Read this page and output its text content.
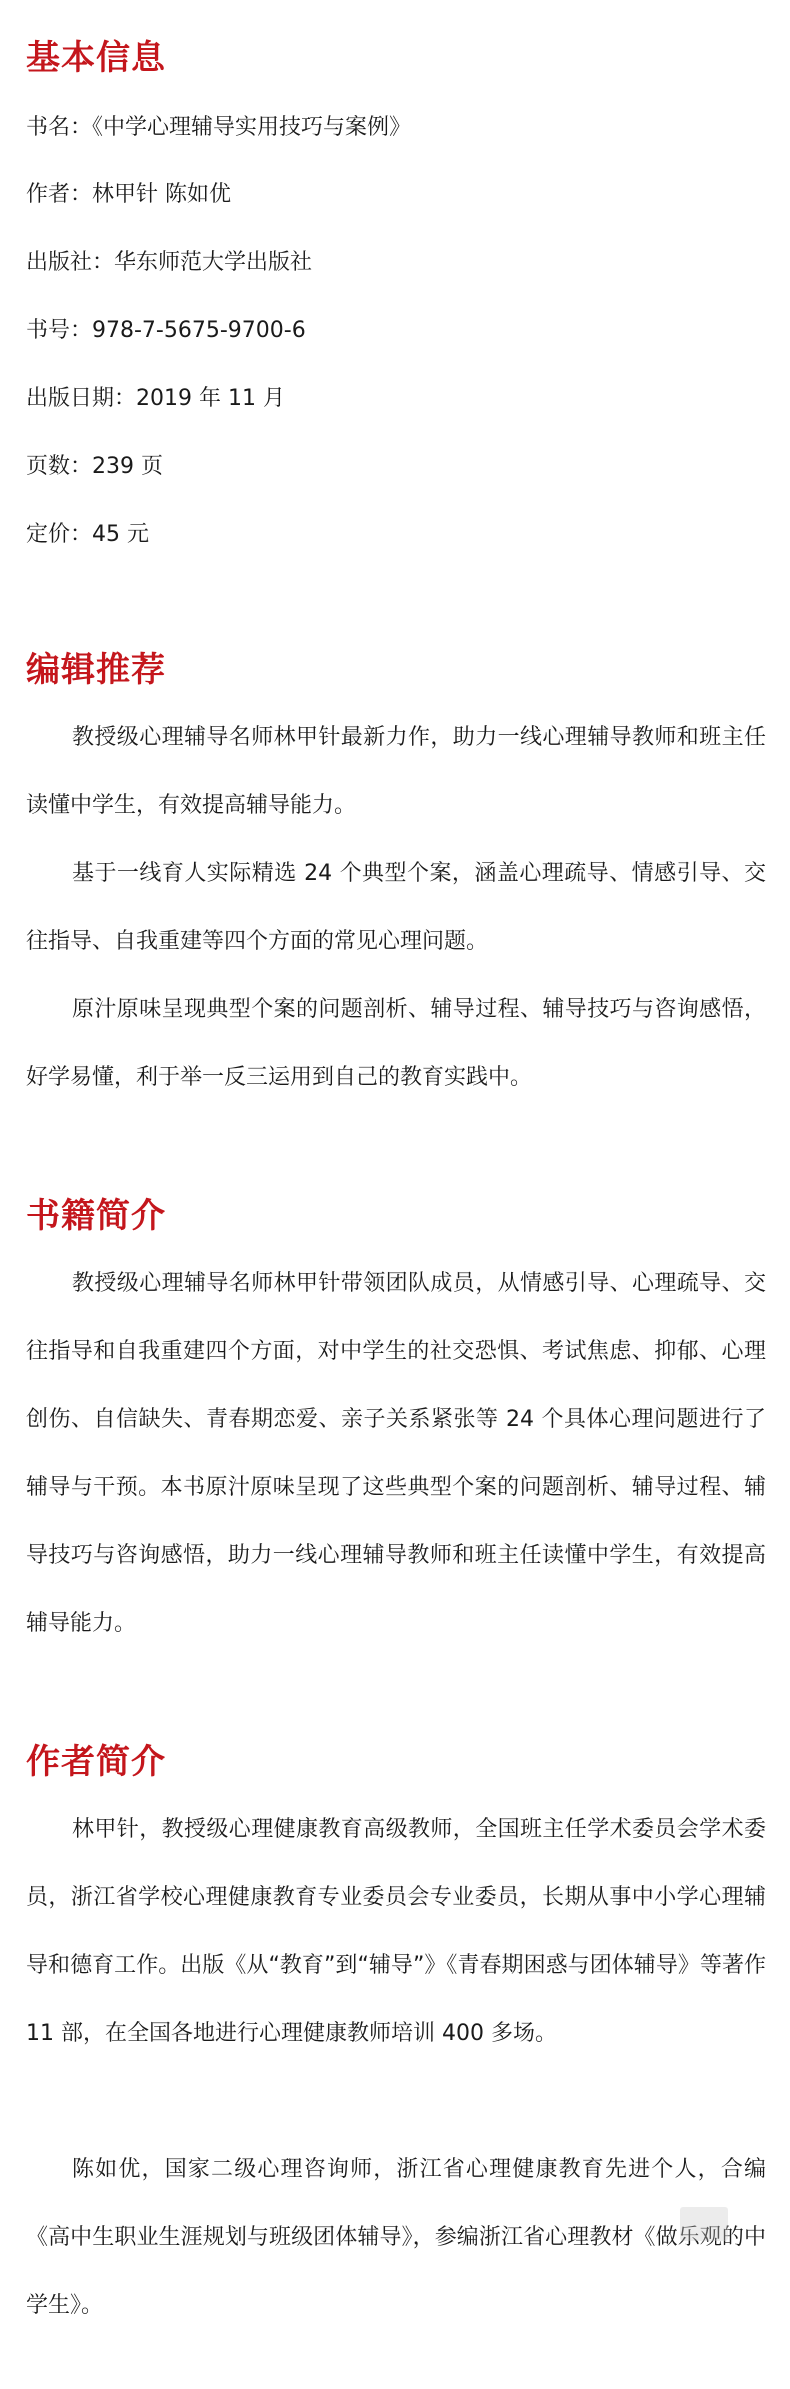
基本信息

书名：《中学心理辅导实用技巧与案例》

作者：林甲针 陈如优

出版社：华东师范大学出版社

书号：978-7-5675-9700-6

出版日期：2019 年 11 月

页数：239 页

定价：45 元

编辑推荐

教授级心理辅导名师林甲针最新力作，助力一线心理辅导教师和班主任读懂中学生，有效提高辅导能力。

基于一线育人实际精选 24 个典型个案，涵盖心理疏导、情感引导、交往指导、自我重建等四个方面的常见心理问题。

原汁原味呈现典型个案的问题剖析、辅导过程、辅导技巧与咨询感悟，好学易懂，利于举一反三运用到自己的教育实践中。

书籍简介

教授级心理辅导名师林甲针带领团队成员，从情感引导、心理疏导、交往指导和自我重建四个方面，对中学生的社交恐惧、考试焦虑、抑郁、心理创伤、自信缺失、青春期恋爱、亲子关系紧张等 24 个具体心理问题进行了辅导与干预。本书原汁原味呈现了这些典型个案的问题剖析、辅导过程、辅导技巧与咨询感悟，助力一线心理辅导教师和班主任读懂中学生，有效提高辅导能力。

作者简介

林甲针，教授级心理健康教育高级教师，全国班主任学术委员会学术委员，浙江省学校心理健康教育专业委员会专业委员，长期从事中小学心理辅导和德育工作。出版《从“教育”到“辅导”》《青春期困惑与团体辅导》等著作 11 部，在全国各地进行心理健康教师培训 400 多场。

陈如优，国家二级心理咨询师，浙江省心理健康教育先进个人，合编《高中生职业生涯规划与班级团体辅导》，参编浙江省心理教材《做乐观的中学生》。
